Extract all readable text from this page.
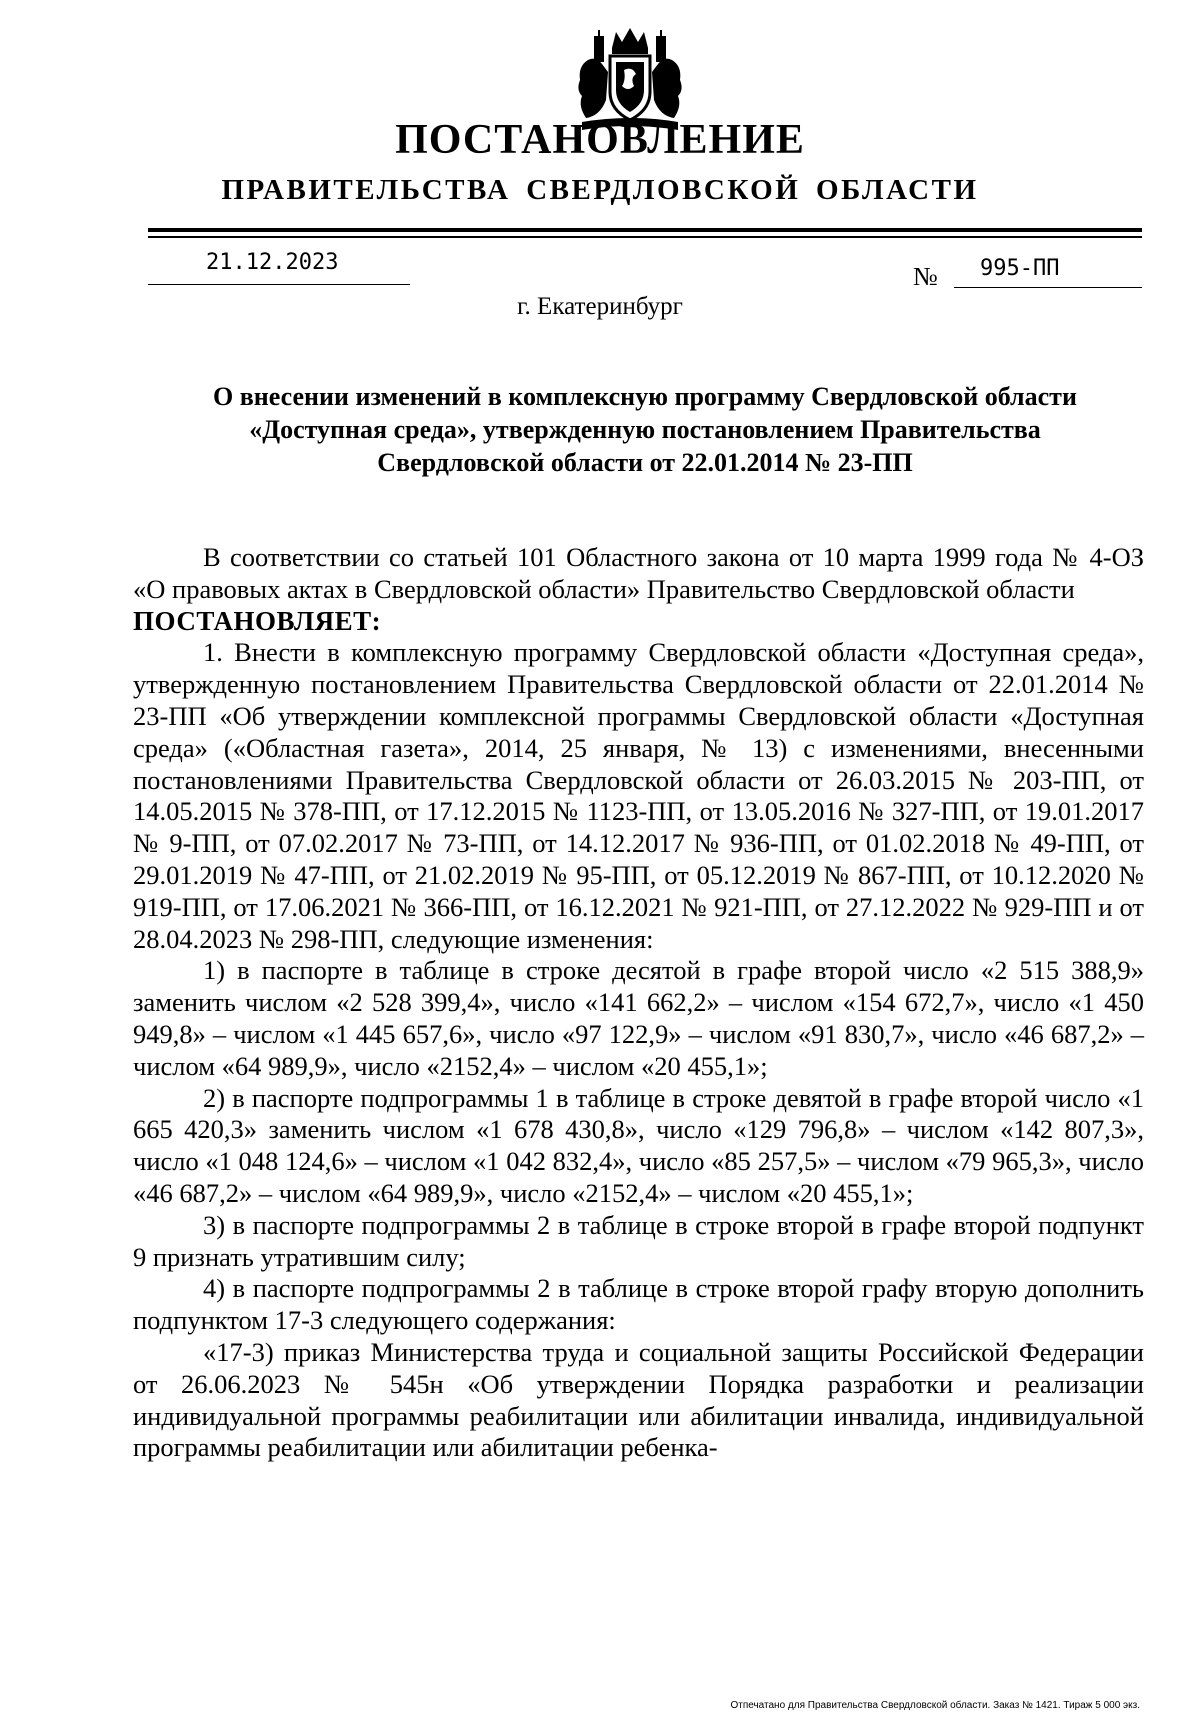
ПОСТАНОВЛЕНИЕ
ПРАВИТЕЛЬСТВА СВЕРДЛОВСКОЙ ОБЛАСТИ
21.12.2023	№ 995-ПП
г. Екатеринбург
О внесении изменений в комплексную программу Свердловской области
«Доступная среда», утвержденную постановлением Правительства
Свердловской области от 22.01.2014 № 23-ПП

В соответствии со статьей 101 Областного закона от 10 марта 1999 года № 4-ОЗ «О правовых актах в Свердловской области» Правительство Свердловской области

ПОСТАНОВЛЯЕТ:

1. Внести в комплексную программу Свердловской области «Доступная среда», утвержденную постановлением Правительства Свердловской области от 22.01.2014 № 23-ПП «Об утверждении комплексной программы Свердловской области «Доступная среда» («Областная газета», 2014, 25 января, № 13) с изменениями, внесенными постановлениями Правительства Свердловской области от 26.03.2015 № 203-ПП, от 14.05.2015 № 378-ПП, от 17.12.2015 № 1123-ПП, от 13.05.2016 № 327-ПП, от 19.01.2017 № 9-ПП, от 07.02.2017 № 73-ПП, от 14.12.2017 № 936-ПП, от 01.02.2018 № 49-ПП, от 29.01.2019 № 47-ПП, от 21.02.2019 № 95-ПП, от 05.12.2019 № 867-ПП, от 10.12.2020 № 919-ПП, от 17.06.2021 № 366-ПП, от 16.12.2021 № 921-ПП, от 27.12.2022 № 929-ПП и от 28.04.2023 № 298-ПП, следующие изменения:

1) в паспорте в таблице в строке десятой в графе второй число «2 515 388,9» заменить числом «2 528 399,4», число «141 662,2» – числом «154 672,7», число «1 450 949,8» – числом «1 445 657,6», число «97 122,9» – числом «91 830,7», число «46 687,2» – числом «64 989,9», число «2152,4» – числом «20 455,1»;

2) в паспорте подпрограммы 1 в таблице в строке девятой в графе второй число «1 665 420,3» заменить числом «1 678 430,8», число «129 796,8» – числом «142 807,3», число «1 048 124,6» – числом «1 042 832,4», число «85 257,5» – числом «79 965,3», число «46 687,2» – числом «64 989,9», число «2152,4» – числом «20 455,1»;

3) в паспорте подпрограммы 2 в таблице в строке второй в графе второй подпункт 9 признать утратившим силу;

4) в паспорте подпрограммы 2 в таблице в строке второй графу вторую дополнить подпунктом 17-3 следующего содержания:

«17-3) приказ Министерства труда и социальной защиты Российской Федерации от 26.06.2023 № 545н «Об утверждении Порядка разработки и реализации индивидуальной программы реабилитации или абилитации инвалида, индивидуальной программы реабилитации или абилитации ребенка-

Отпечатано для Правительства Свердловской области. Заказ № 1421. Тираж 5 000 экз.
